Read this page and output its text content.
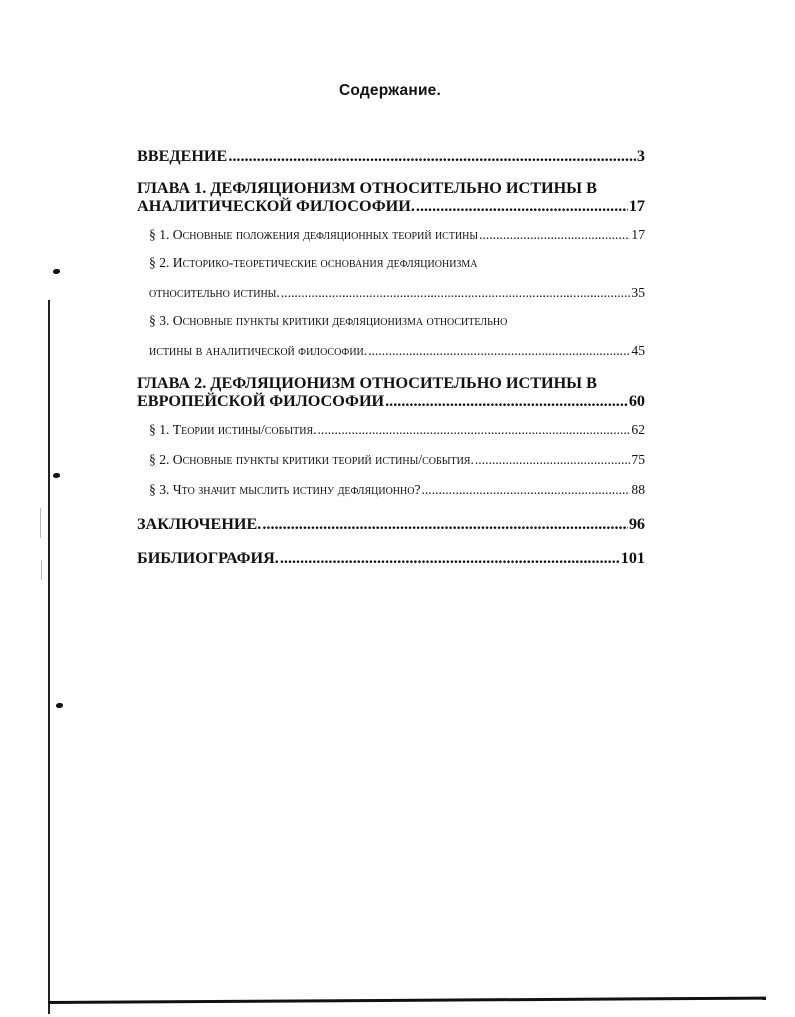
Содержание.
ВВЕДЕНИЕ .....	3
ГЛАВА 1. ДЕФЛЯЦИОНИЗМ ОТНОСИТЕЛЬНО ИСТИНЫ В
АНАЛИТИЧЕСКОЙ ФИЛОСОФИИ. .....	17
§ 1. Основные положения дефляционных теорий истины .....	17
§ 2. Историко-теоретические основания дефляционизма
относительно истины. .....	35
§ 3. Основные пункты критики дефляционизма относительно
истины в аналитической философии. .....	45
ГЛАВА 2. ДЕФЛЯЦИОНИЗМ ОТНОСИТЕЛЬНО ИСТИНЫ В
ЕВРОПЕЙСКОЙ ФИЛОСОФИИ .....	60
§ 1. Теории истины/события. .....	62
§ 2. Основные пункты критики теорий истины/события. .....	75
§ 3. Что значит мыслить истину дефляционно? .....	88
ЗАКЛЮЧЕНИЕ. .....	96
БИБЛИОГРАФИЯ. .....	101
